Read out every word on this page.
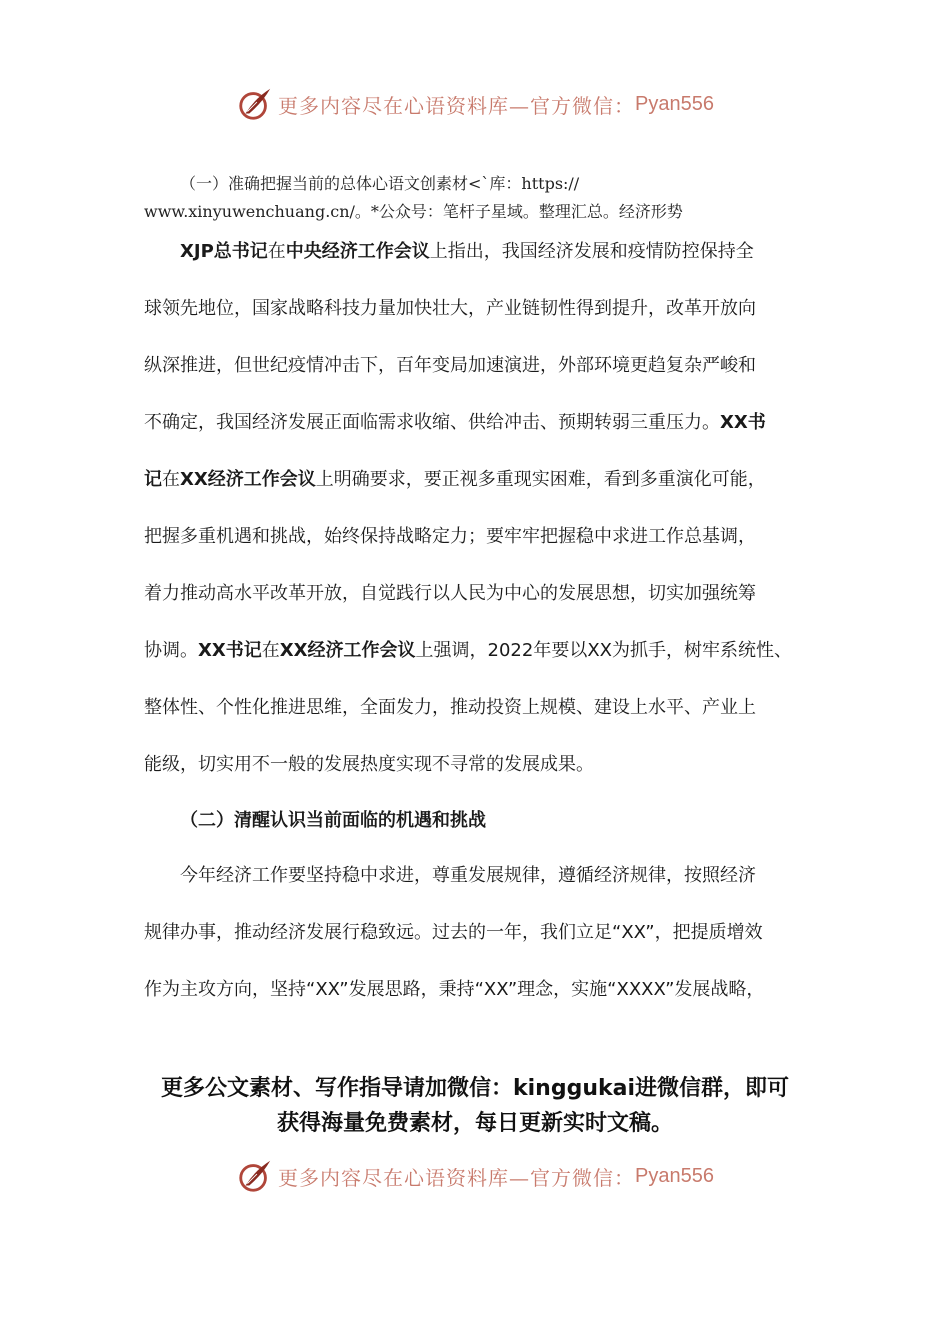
更多内容尽在心语资料库—官方微信： Pyan556
（一）准确把握当前的总体心语文创素材<`库：https://
www.xinyuwenchuang.cn/。*公众号：笔杆子星域。整理汇总。经济形势
XJP总书记在中央经济工作会议上指出，我国经济发展和疫情防控保持全
球领先地位，国家战略科技力量加快壮大，产业链韧性得到提升，改革开放向
纵深推进，但世纪疫情冲击下，百年变局加速演进，外部环境更趋复杂严峻和
不确定，我国经济发展正面临需求收缩、供给冲击、预期转弱三重压力。XX书
记在XX经济工作会议上明确要求，要正视多重现实困难，看到多重演化可能，
把握多重机遇和挑战，始终保持战略定力；要牢牢把握稳中求进工作总基调，
着力推动高水平改革开放，自觉践行以人民为中心的发展思想，切实加强统筹
协调。XX书记在XX经济工作会议上强调，2022年要以XX为抓手，树牢系统性、
整体性、个性化推进思维，全面发力，推动投资上规模、建设上水平、产业上
能级，切实用不一般的发展热度实现不寻常的发展成果。
（二）清醒认识当前面临的机遇和挑战
今年经济工作要坚持稳中求进，尊重发展规律，遵循经济规律，按照经济
规律办事，推动经济发展行稳致远。过去的一年，我们立足“XX”，把提质增效
作为主攻方向，坚持“XX”发展思路，秉持“XX”理念，实施“XXXX”发展战略，
更多公文素材、写作指导请加微信：kinggukai进微信群，即可
获得海量免费素材，每日更新实时文稿。
更多内容尽在心语资料库—官方微信： Pyan556
